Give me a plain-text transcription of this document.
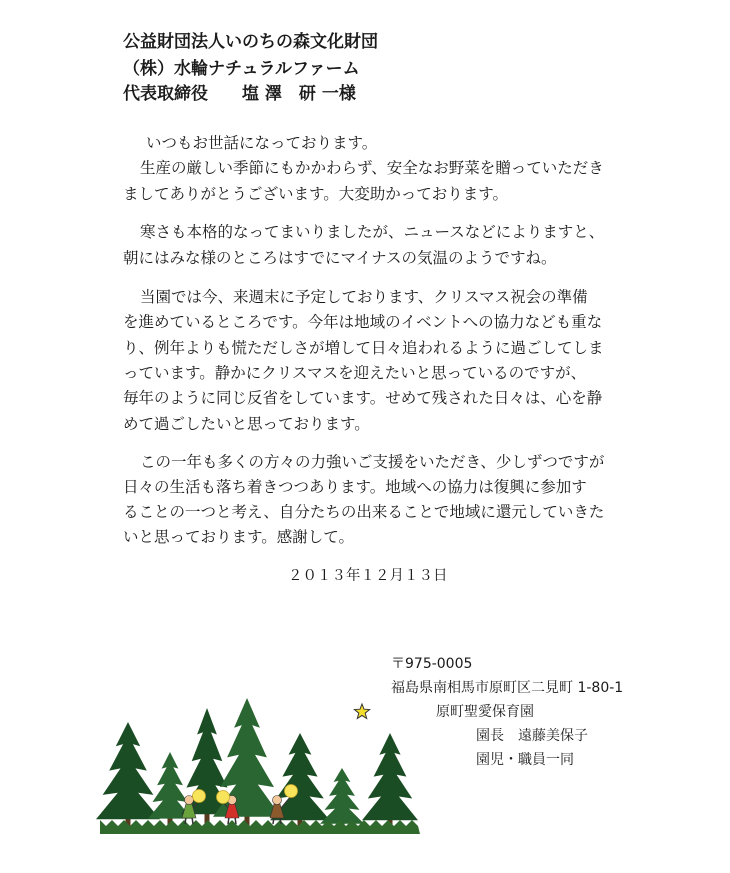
公益財団法人いのちの森文化財団
（株）水輪ナチュラルファーム
代表取締役　　塩 澤　研 一様
いつもお世話になっております。
生産の厳しい季節にもかかわらず、安全なお野菜を贈っていただき
ましてありがとうございます。大変助かっております。
寒さも本格的なってまいりましたが、ニュースなどによりますと、
朝にはみな様のところはすでにマイナスの気温のようですね。
当園では今、来週末に予定しております、クリスマス祝会の準備
を進めているところです。今年は地域のイベントへの協力なども重な
り、例年よりも慌ただしさが増して日々追われるように過ごしてしま
っています。静かにクリスマスを迎えたいと思っているのですが、
毎年のように同じ反省をしています。せめて残された日々は、心を静
めて過ごしたいと思っております。
この一年も多くの方々の力強いご支援をいただき、少しずつですが
日々の生活も落ち着きつつあります。地域への協力は復興に参加す
ることの一つと考え、自分たちの出来ることで地域に還元していきた
いと思っております。感謝して。
２０１３年１２月１３日
〒975-0005
福島県南相馬市原町区二見町 1-80-1
原町聖愛保育園
園長　遠藤美保子
園児・職員一同
